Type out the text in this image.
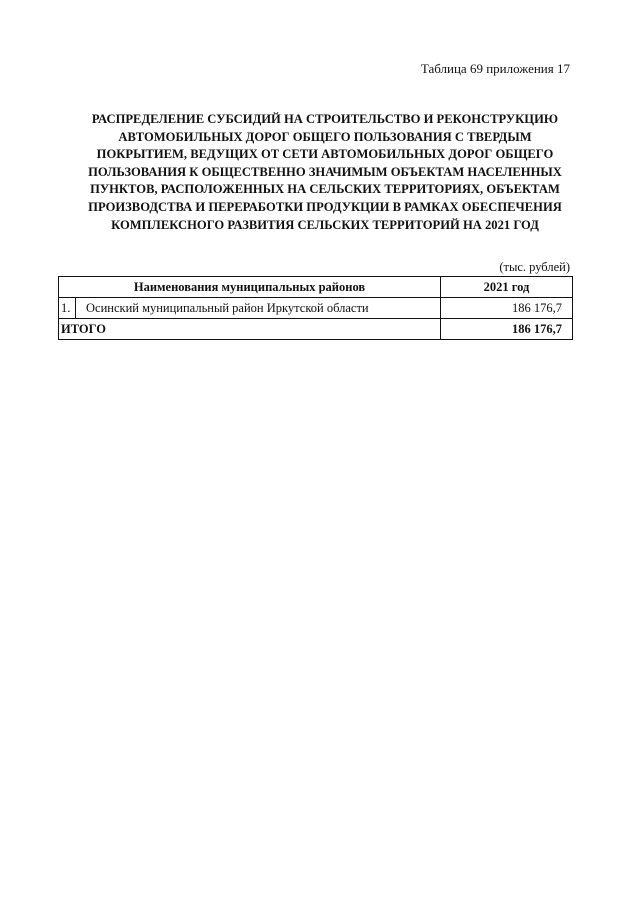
Таблица 69 приложения 17
РАСПРЕДЕЛЕНИЕ СУБСИДИЙ НА СТРОИТЕЛЬСТВО И РЕКОНСТРУКЦИЮ
АВТОМОБИЛЬНЫХ ДОРОГ ОБЩЕГО ПОЛЬЗОВАНИЯ С ТВЕРДЫМ
ПОКРЫТИЕМ, ВЕДУЩИХ ОТ СЕТИ АВТОМОБИЛЬНЫХ ДОРОГ ОБЩЕГО
ПОЛЬЗОВАНИЯ К ОБЩЕСТВЕННО ЗНАЧИМЫМ ОБЪЕКТАМ НАСЕЛЕННЫХ
ПУНКТОВ, РАСПОЛОЖЕННЫХ НА СЕЛЬСКИХ ТЕРРИТОРИЯХ, ОБЪЕКТАМ
ПРОИЗВОДСТВА И ПЕРЕРАБОТКИ ПРОДУКЦИИ В РАМКАХ ОБЕСПЕЧЕНИЯ
КОМПЛЕКСНОГО РАЗВИТИЯ СЕЛЬСКИХ ТЕРРИТОРИЙ НА 2021 ГОД
(тыс. рублей)
Наименования муниципальных районов		2021 год
1.	Осинский муниципальный район Иркутской области	186 176,7
ИТОГО		186 176,7
